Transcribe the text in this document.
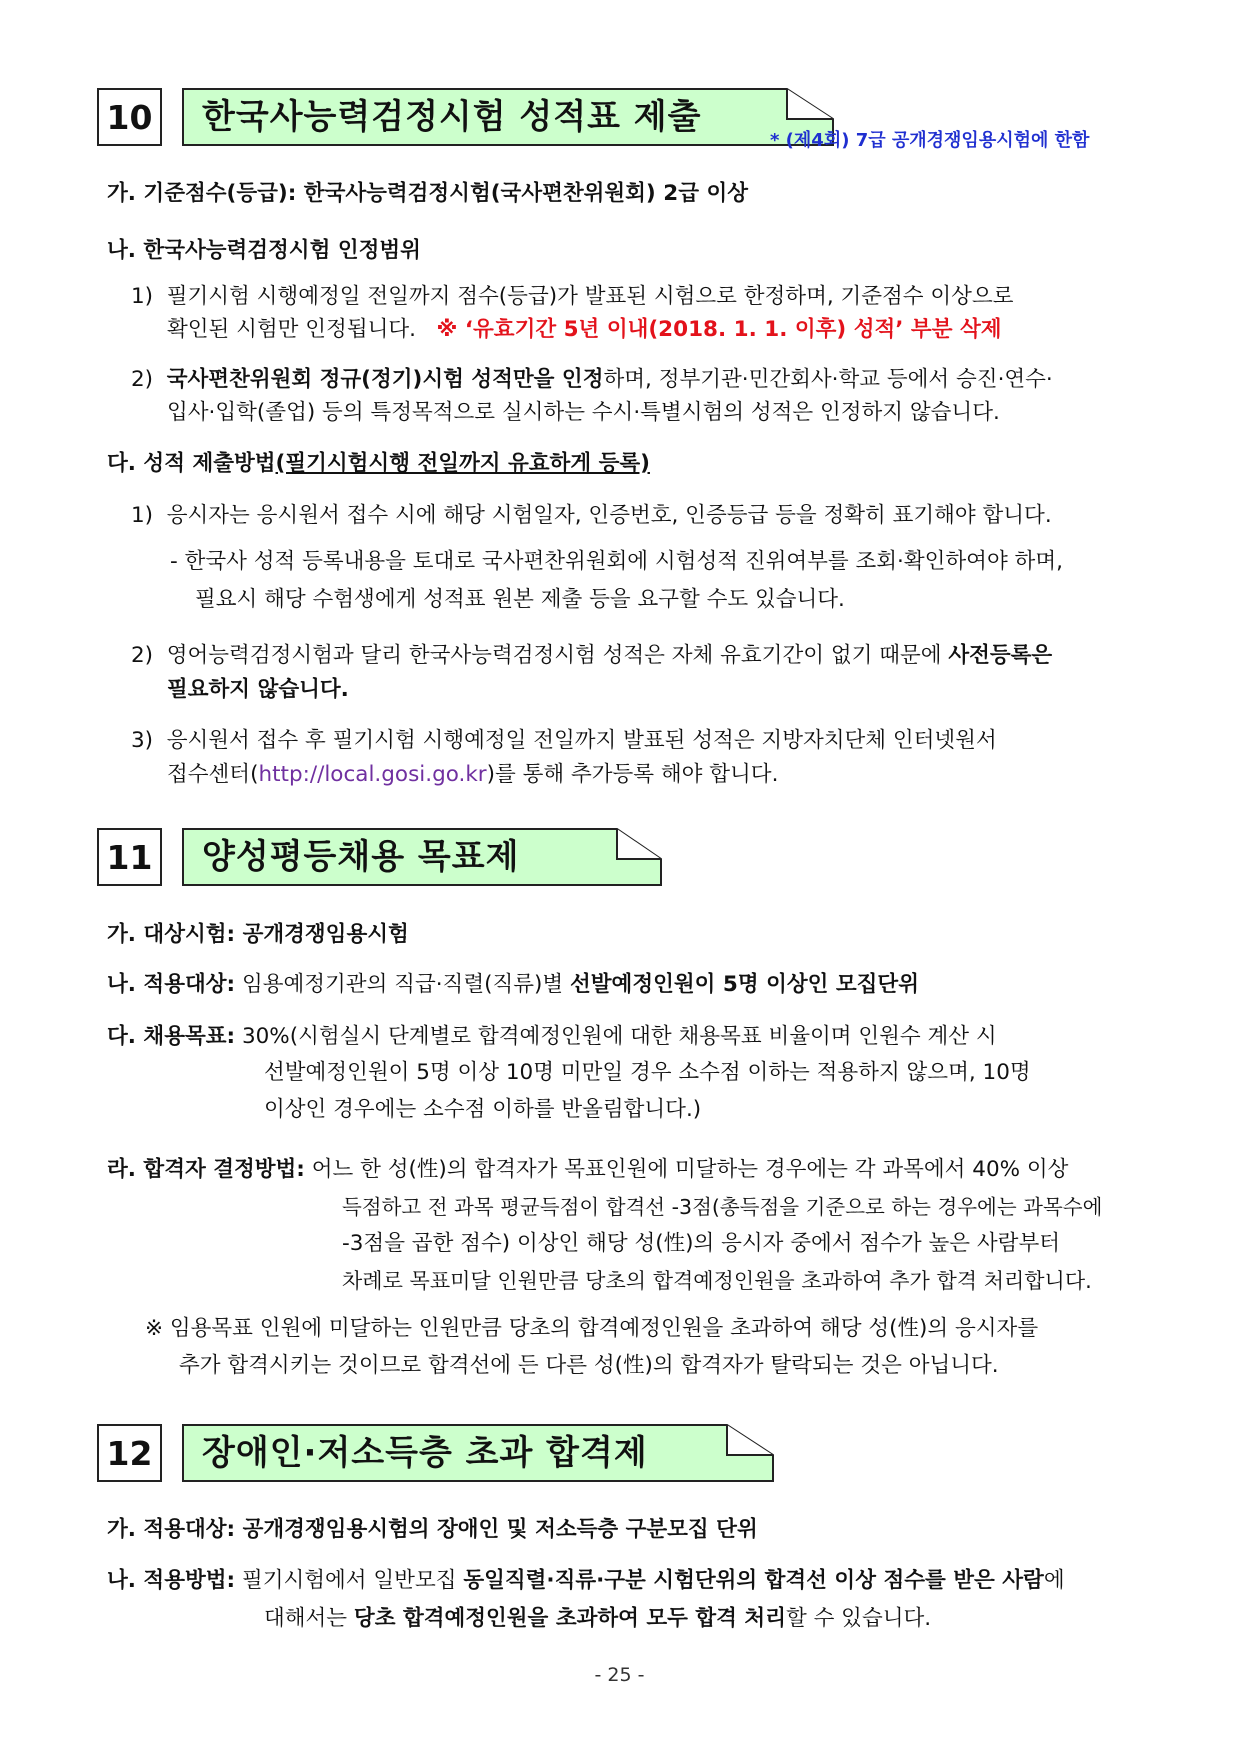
10 한국사능력검정시험 성적표 제출
* (제4회) 7급 공개경쟁임용시험에 한함
가. 기준점수(등급): 한국사능력검정시험(국사편찬위원회) 2급 이상
나. 한국사능력검정시험 인정범위
1) 필기시험 시행예정일 전일까지 점수(등급)가 발표된 시험으로 한정하며, 기준점수 이상으로
확인된 시험만 인정됩니다. ※ ‘유효기간 5년 이내(2018. 1. 1. 이후) 성적’ 부분 삭제
2) 국사편찬위원회 정규(정기)시험 성적만을 인정하며, 정부기관·민간회사·학교 등에서 승진·연수·
입사·입학(졸업) 등의 특정목적으로 실시하는 수시·특별시험의 성적은 인정하지 않습니다.
다. 성적 제출방법(필기시험시행 전일까지 유효하게 등록)
1) 응시자는 응시원서 접수 시에 해당 시험일자, 인증번호, 인증등급 등을 정확히 표기해야 합니다.
- 한국사 성적 등록내용을 토대로 국사편찬위원회에 시험성적 진위여부를 조회·확인하여야 하며,
필요시 해당 수험생에게 성적표 원본 제출 등을 요구할 수도 있습니다.
2) 영어능력검정시험과 달리 한국사능력검정시험 성적은 자체 유효기간이 없기 때문에 사전등록은
필요하지 않습니다.
3) 응시원서 접수 후 필기시험 시행예정일 전일까지 발표된 성적은 지방자치단체 인터넷원서
접수센터(http://local.gosi.go.kr)를 통해 추가등록 해야 합니다.
11 양성평등채용 목표제
가. 대상시험: 공개경쟁임용시험
나. 적용대상: 임용예정기관의 직급·직렬(직류)별 선발예정인원이 5명 이상인 모집단위
다. 채용목표: 30%(시험실시 단계별로 합격예정인원에 대한 채용목표 비율이며 인원수 계산 시
선발예정인원이 5명 이상 10명 미만일 경우 소수점 이하는 적용하지 않으며, 10명
이상인 경우에는 소수점 이하를 반올림합니다.)
라. 합격자 결정방법: 어느 한 성(性)의 합격자가 목표인원에 미달하는 경우에는 각 과목에서 40% 이상
득점하고 전 과목 평균득점이 합격선 -3점(총득점을 기준으로 하는 경우에는 과목수에
-3점을 곱한 점수) 이상인 해당 성(性)의 응시자 중에서 점수가 높은 사람부터
차례로 목표미달 인원만큼 당초의 합격예정인원을 초과하여 추가 합격 처리합니다.
※ 임용목표 인원에 미달하는 인원만큼 당초의 합격예정인원을 초과하여 해당 성(性)의 응시자를
추가 합격시키는 것이므로 합격선에 든 다른 성(性)의 합격자가 탈락되는 것은 아닙니다.
12 장애인·저소득층 초과 합격제
가. 적용대상: 공개경쟁임용시험의 장애인 및 저소득층 구분모집 단위
나. 적용방법: 필기시험에서 일반모집 동일직렬·직류·구분 시험단위의 합격선 이상 점수를 받은 사람에
대해서는 당초 합격예정인원을 초과하여 모두 합격 처리할 수 있습니다.
- 25 -
